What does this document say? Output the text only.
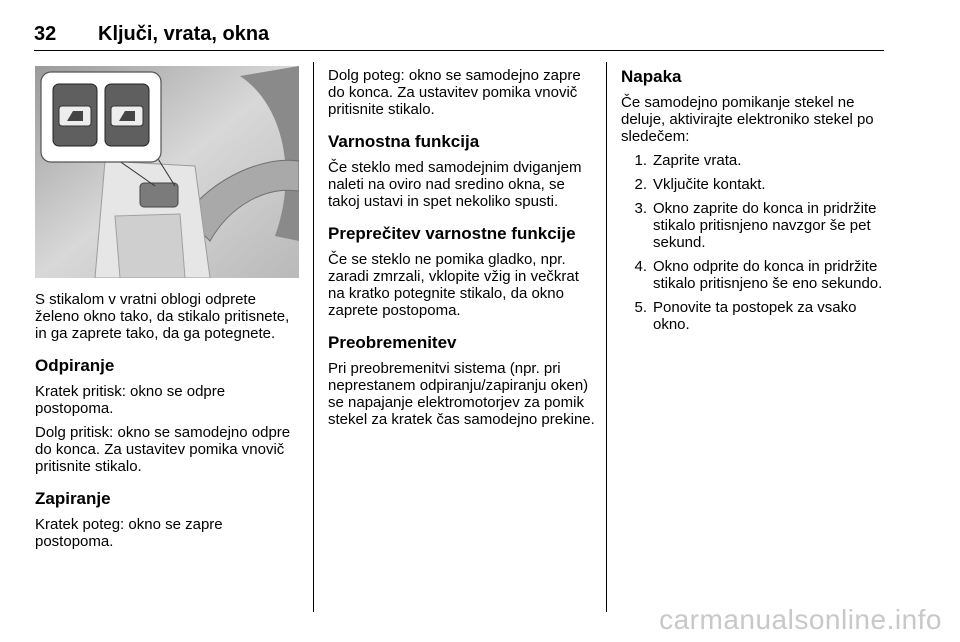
32 Ključi, vrata, okna

S stikalom v vratni oblogi odprete želeno okno tako, da stikalo pritisnete, in ga zaprete tako, da ga potegnete.

Odpiranje

Kratek pritisk: okno se odpre postopoma.

Dolg pritisk: okno se samodejno odpre do konca. Za ustavitev pomika vnovič pritisnite stikalo.

Zapiranje

Kratek poteg: okno se zapre postopoma.

Dolg poteg: okno se samodejno zapre do konca. Za ustavitev pomika vnovič pritisnite stikalo.

Varnostna funkcija

Če steklo med samodejnim dviganjem naleti na oviro nad sredino okna, se takoj ustavi in spet nekoliko spusti.

Preprečitev varnostne funkcije

Če se steklo ne pomika gladko, npr. zaradi zmrzali, vklopite vžig in večkrat na kratko potegnite stikalo, da okno zaprete postopoma.

Preobremenitev

Pri preobremenitvi sistema (npr. pri neprestanem odpiranju/zapiranju oken) se napajanje elektromotorjev za pomik stekel za kratek čas samodejno prekine.

Napaka

Če samodejno pomikanje stekel ne deluje, aktivirajte elektroniko stekel po sledečem:

1. Zaprite vrata.
2. Vključite kontakt.
3. Okno zaprite do konca in pridržite stikalo pritisnjeno navzgor še pet sekund.
4. Okno odprite do konca in pridržite stikalo pritisnjeno še eno sekundo.
5. Ponovite ta postopek za vsako okno.
carmanualsonline.info
